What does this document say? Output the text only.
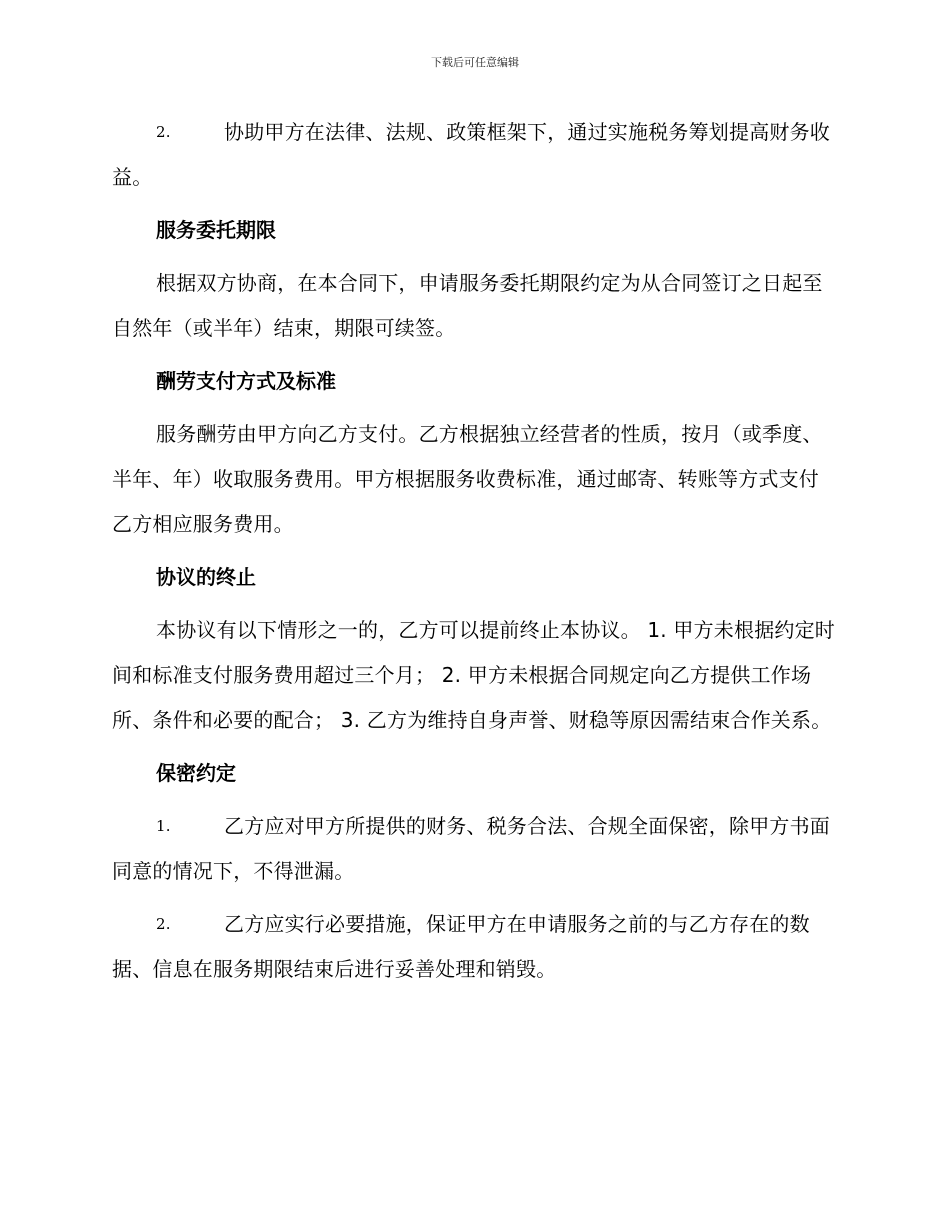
下载后可任意编辑

2.	协助甲方在法律、法规、政策框架下，通过实施税务筹划提高财务收益。

服务委托期限

根据双方协商，在本合同下，申请服务委托期限约定为从合同签订之日起至自然年（或半年）结束，期限可续签。

酬劳支付方式及标准

服务酬劳由甲方向乙方支付。乙方根据独立经营者的性质，按月（或季度、半年、年）收取服务费用。甲方根据服务收费标准，通过邮寄、转账等方式支付乙方相应服务费用。

协议的终止

本协议有以下情形之一的，乙方可以提前终止本协议。 1. 甲方未根据约定时间和标准支付服务费用超过三个月； 2. 甲方未根据合同规定向乙方提供工作场所、条件和必要的配合； 3. 乙方为维持自身声誉、财稳等原因需结束合作关系。

保密约定

1.	乙方应对甲方所提供的财务、税务合法、合规全面保密，除甲方书面同意的情况下，不得泄漏。

2.	乙方应实行必要措施，保证甲方在申请服务之前的与乙方存在的数据、信息在服务期限结束后进行妥善处理和销毁。
